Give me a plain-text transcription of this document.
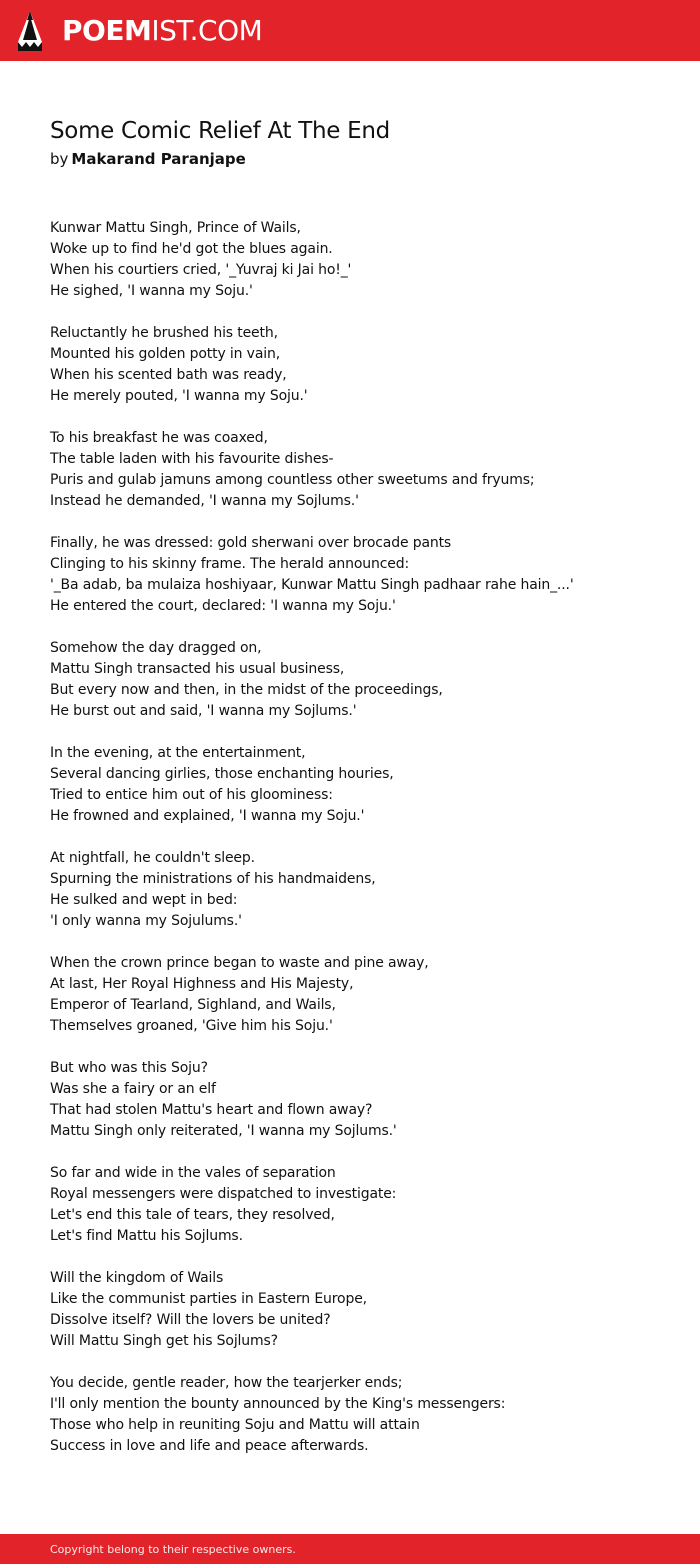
POEMIST.COM
Some Comic Relief At The End
by Makarand Paranjape
Kunwar Mattu Singh, Prince of Wails,
Woke up to find he'd got the blues again.
When his courtiers cried, '_Yuvraj ki Jai ho!_'
He sighed, 'I wanna my Soju.'
Reluctantly he brushed his teeth,
Mounted his golden potty in vain,
When his scented bath was ready,
He merely pouted, 'I wanna my Soju.'
To his breakfast he was coaxed,
The table laden with his favourite dishes-
Puris and gulab jamuns among countless other sweetums and fryums;
Instead he demanded, 'I wanna my Sojlums.'
Finally, he was dressed: gold sherwani over brocade pants
Clinging to his skinny frame. The herald announced:
'_Ba adab, ba mulaiza hoshiyaar, Kunwar Mattu Singh padhaar rahe hain_...'
He entered the court, declared: 'I wanna my Soju.'
Somehow the day dragged on,
Mattu Singh transacted his usual business,
But every now and then, in the midst of the proceedings,
He burst out and said, 'I wanna my Sojlums.'
In the evening, at the entertainment,
Several dancing girlies, those enchanting houries,
Tried to entice him out of his gloominess:
He frowned and explained, 'I wanna my Soju.'
At nightfall, he couldn't sleep.
Spurning the ministrations of his handmaidens,
He sulked and wept in bed:
'I only wanna my Sojulums.'
When the crown prince began to waste and pine away,
At last, Her Royal Highness and His Majesty,
Emperor of Tearland, Sighland, and Wails,
Themselves groaned, 'Give him his Soju.'
But who was this Soju?
Was she a fairy or an elf
That had stolen Mattu's heart and flown away?
Mattu Singh only reiterated, 'I wanna my Sojlums.'
So far and wide in the vales of separation
Royal messengers were dispatched to investigate:
Let's end this tale of tears, they resolved,
Let's find Mattu his Sojlums.
Will the kingdom of Wails
Like the communist parties in Eastern Europe,
Dissolve itself? Will the lovers be united?
Will Mattu Singh get his Sojlums?
You decide, gentle reader, how the tearjerker ends;
I'll only mention the bounty announced by the King's messengers:
Those who help in reuniting Soju and Mattu will attain
Success in love and life and peace afterwards.
Copyright belong to their respective owners.
